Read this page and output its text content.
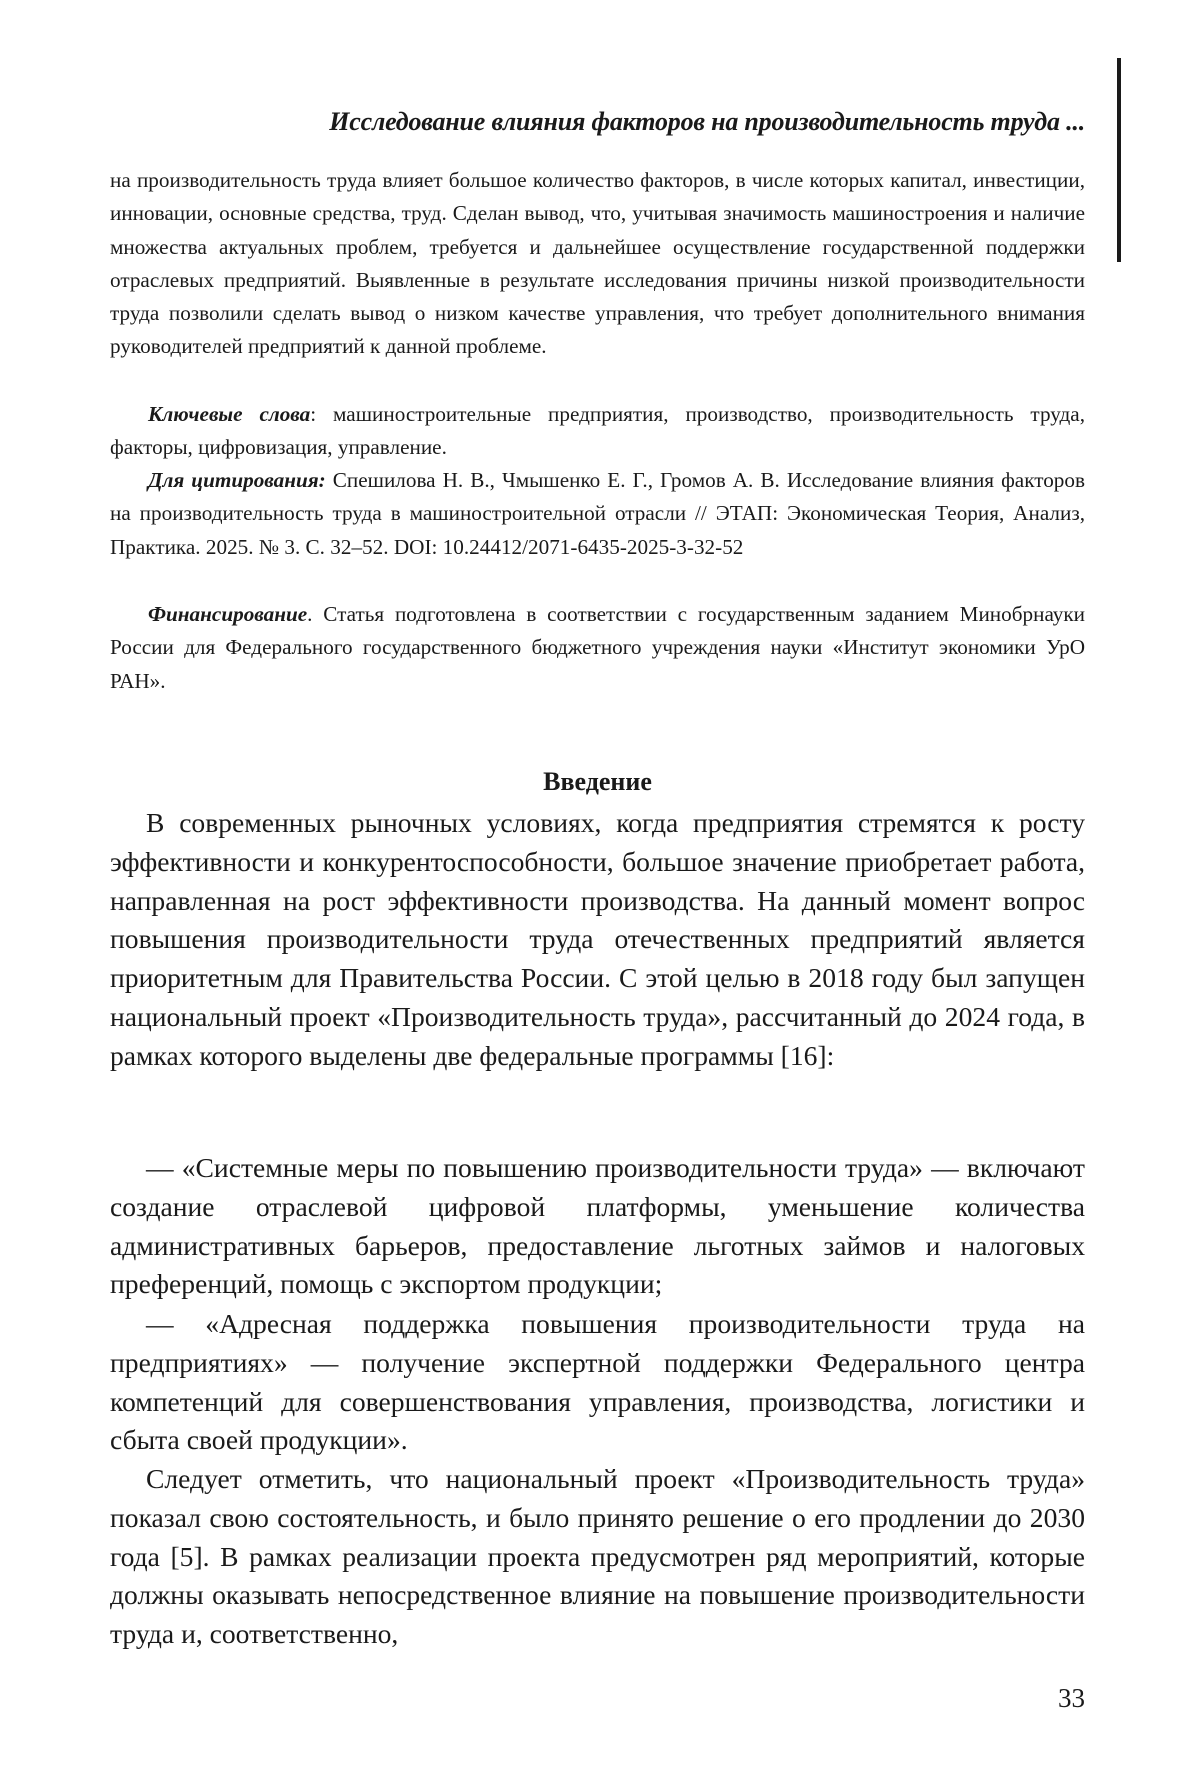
Исследование влияния факторов на производительность труда ...

на производительность труда влияет большое количество факторов, в числе которых капитал, инвестиции, инновации, основные средства, труд. Сделан вывод, что, учитывая значимость машиностроения и наличие множества актуальных проблем, требуется и дальнейшее осуществление государственной поддержки отраслевых предприятий. Выявленные в результате исследования причины низкой производительности труда позволили сделать вывод о низком качестве управления, что требует дополнительного внимания руководителей предприятий к данной проблеме.

Ключевые слова: машиностроительные предприятия, производство, производительность труда, факторы, цифровизация, управление.

Для цитирования: Спешилова Н. В., Чмышенко Е. Г., Громов А. В. Исследование влияния факторов на производительность труда в машиностроительной отрасли // ЭТАП: Экономическая Теория, Анализ, Практика. 2025. № 3. С. 32–52. DOI: 10.24412/2071-6435-2025-3-32-52

Финансирование. Статья подготовлена в соответствии с государственным заданием Минобрнауки России для Федерального государственного бюджетного учреждения науки «Институт экономики УрО РАН».

Введение

В современных рыночных условиях, когда предприятия стремятся к росту эффективности и конкурентоспособности, большое значение приобретает работа, направленная на рост эффективности производства. На данный момент вопрос повышения производительности труда отечественных предприятий является приоритетным для Правительства России. С этой целью в 2018 году был запущен национальный проект «Производительность труда», рассчитанный до 2024 года, в рамках которого выделены две федеральные программы [16]:

— «Системные меры по повышению производительности труда» — включают создание отраслевой цифровой платформы, уменьшение количества административных барьеров, предоставление льготных займов и налоговых преференций, помощь с экспортом продукции;

— «Адресная поддержка повышения производительности труда на предприятиях» — получение экспертной поддержки Федерального центра компетенций для совершенствования управления, производства, логистики и сбыта своей продукции».

Следует отметить, что национальный проект «Производительность труда» показал свою состоятельность, и было принято решение о его продлении до 2030 года [5]. В рамках реализации проекта предусмотрен ряд мероприятий, которые должны оказывать непосредственное влияние на повышение производительности труда и, соответственно,

33
